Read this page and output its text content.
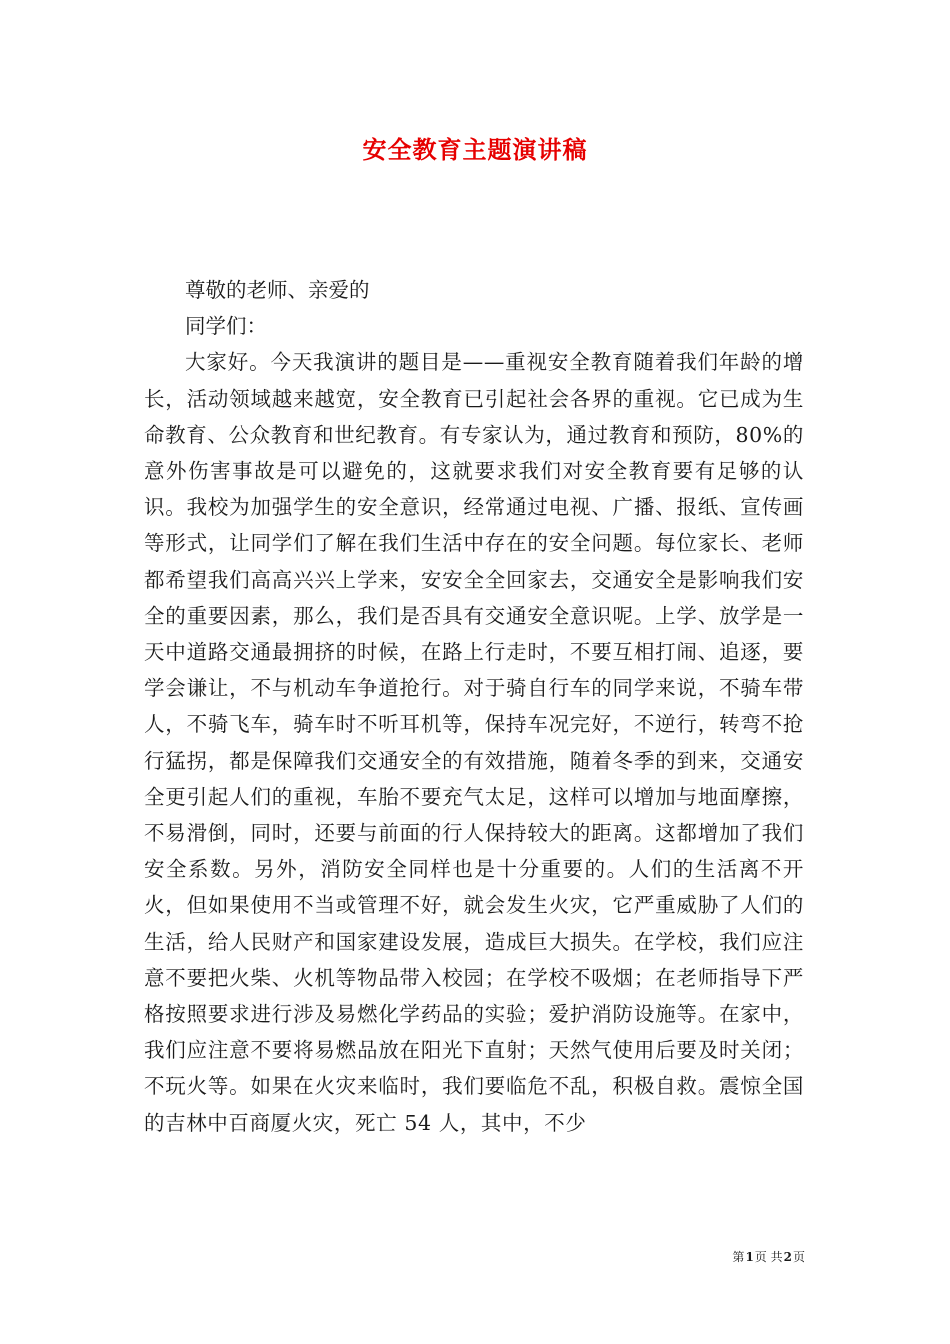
安全教育主题演讲稿

尊敬的老师、亲爱的

同学们：

大家好。今天我演讲的题目是——重视安全教育随着我们年龄的增长，活动领域越来越宽，安全教育已引起社会各界的重视。它已成为生命教育、公众教育和世纪教育。有专家认为，通过教育和预防，80%的意外伤害事故是可以避免的，这就要求我们对安全教育要有足够的认识。我校为加强学生的安全意识，经常通过电视、广播、报纸、宣传画等形式，让同学们了解在我们生活中存在的安全问题。每位家长、老师都希望我们高高兴兴上学来，安安全全回家去，交通安全是影响我们安全的重要因素，那么，我们是否具有交通安全意识呢。上学、放学是一天中道路交通最拥挤的时候，在路上行走时，不要互相打闹、追逐，要学会谦让，不与机动车争道抢行。对于骑自行车的同学来说，不骑车带人，不骑飞车，骑车时不听耳机等，保持车况完好，不逆行，转弯不抢行猛拐，都是保障我们交通安全的有效措施，随着冬季的到来，交通安全更引起人们的重视，车胎不要充气太足，这样可以增加与地面摩擦，不易滑倒，同时，还要与前面的行人保持较大的距离。这都增加了我们安全系数。另外，消防安全同样也是十分重要的。人们的生活离不开火，但如果使用不当或管理不好，就会发生火灾，它严重威胁了人们的生活，给人民财产和国家建设发展，造成巨大损失。在学校，我们应注意不要把火柴、火机等物品带入校园；在学校不吸烟；在老师指导下严格按照要求进行涉及易燃化学药品的实验；爱护消防设施等。在家中，我们应注意不要将易燃品放在阳光下直射；天然气使用后要及时关闭；不玩火等。如果在火灾来临时，我们要临危不乱，积极自救。震惊全国的吉林中百商厦火灾，死亡 54 人，其中，不少

第1页 共2页
